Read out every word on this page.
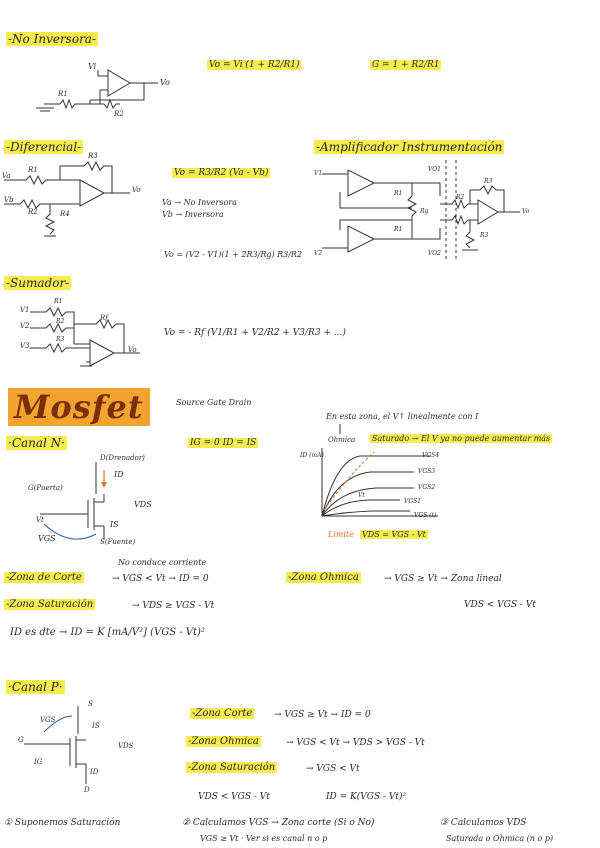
-No Inversora-
Vo = Vi (1 + R2/R1)	G = 1 + R2/R1
Vi
Vo
R1
R2
-Diferencial-
Vo = R3/R2 (Va - Vb)
Va → No Inversora
Vb → Inversora
Vo = (V2 - V1)(1 + 2R3/Rg) R3/R2
Va
Vb
R1
R2
R3
R4
Vo
-Amplificador Instrumentación
V1
V2
VO1
VO2
R1
R1
Rg
R3
R2
R3
Vo
-Sumador-
Vo = - Rf (V1/R1 + V2/R2 + V3/R3 + ...)
V1
V2
V3
R1
R2
R3
Rf
Vo
Mosfet	Source Gate Drain
·Canal N·	IG = 0 ID = IS
D(Drenador)
G(Puerta)
S(Fuente)
ID
IS
VDS
VGS
Vt
En esta zona, el V↑ linealmente con I
Ohmica Saturado → El V ya no puede aumentar más
ID (mA)	VGS4
VGS3
VGS2
VGS1
VGS (t)
Vt
Limite VDS = VGS - Vt
No conduce corriente
-Zona de Corte	→ VGS < Vt → ID = 0	-Zona Ohmica	→ VGS ≥ Vt → Zona lineal
VDS < VGS - Vt
-Zona Saturación	→ VDS ≥ VGS - Vt
ID es dte → ID = K [mA/V²] (VGS - Vt)²
·Canal P·
S
G
D
IS
ID
IG
VGS
VDS
-Zona Corte → VGS ≥ Vt → ID = 0
-Zona Ohmica	→ VGS < Vt → VDS > VGS - Vt
-Zona Saturación	→ VGS < Vt
VDS < VGS - Vt	ID = K(VGS - Vt)²
① Suponemos Saturación	② Calculamos VGS → Zona corte (Si o No)
VGS ≥ Vt · Ver si es canal n o p
③ Calculamos VDS
Saturada o Ohmica (n o p)
